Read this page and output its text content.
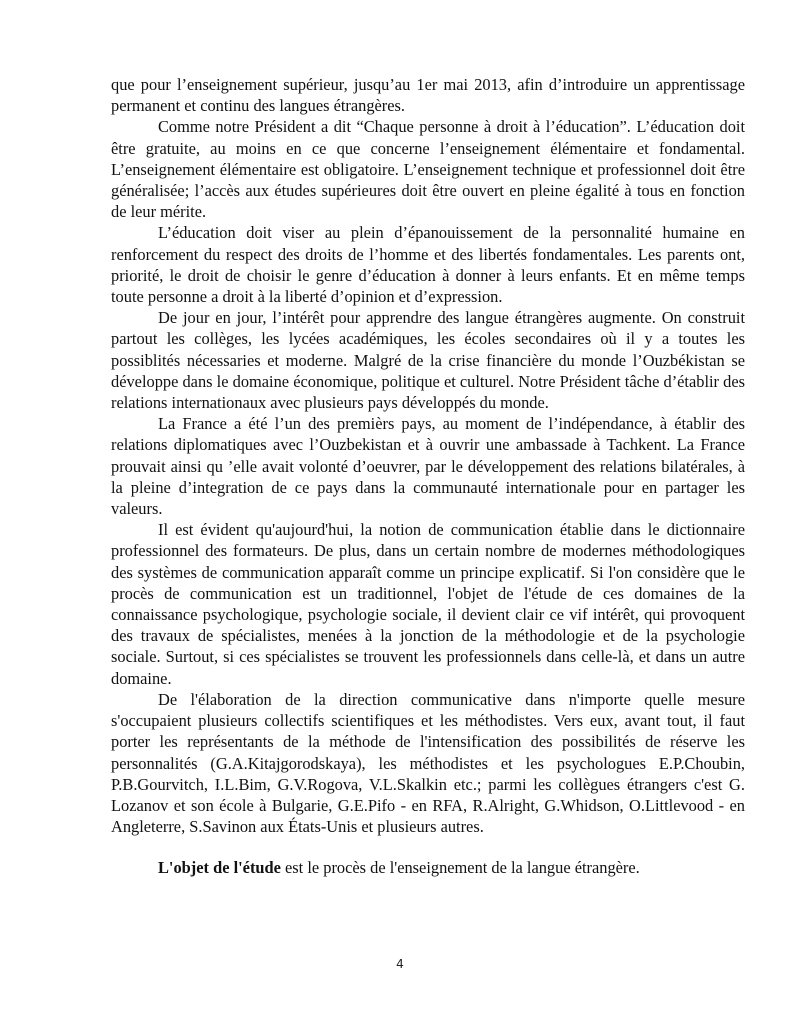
que pour l’enseignement supérieur, jusqu’au 1er mai 2013, afin d’introduire un apprentissage permanent et continu des langues étrangères.

Comme notre Président a dit “Chaque personne à droit à l’éducation”. L’éducation doit être gratuite, au moins en ce que concerne l’enseignement élémentaire et fondamental. L’enseignement élémentaire est obligatoire. L’enseignement technique et professionnel doit être généralisée; l’accès aux études supérieures doit être ouvert en pleine égalité à tous en fonction de leur mérite.

L’éducation doit viser au plein d’épanouissement de la personnalité humaine en renforcement du respect des droits de l’homme et des libertés fondamentales. Les parents ont, priorité, le droit de choisir le genre d’éducation à donner à leurs enfants. Et en même temps toute personne a droit à la liberté d’opinion et d’expression.

De jour en jour, l’intérêt pour apprendre des langue étrangères augmente. On construit partout les collèges, les lycées académiques, les écoles secondaires où il y a toutes les possiblités nécessaries et moderne. Malgré de la crise financière du monde l’Ouzbékistan se développe dans le domaine économique, politique et culturel. Notre Président tâche d’établir des relations internationaux avec plusieurs pays développés du monde.

La France a été l’un des premièrs pays, au moment de l’indépendance, à établir des relations diplomatiques avec l’Ouzbekistan et à ouvrir une ambassade à Tachkent. La France prouvait ainsi qu ’elle avait volonté d’oeuvrer, par le développement des relations bilatérales, à la pleine d’integration de ce pays dans la communauté internationale pour en partager les valeurs.

Il est évident qu'aujourd'hui, la notion de communication établie dans le dictionnaire professionnel des formateurs. De plus, dans un certain nombre de modernes méthodologiques des systèmes de communication apparaît comme un principe explicatif. Si l'on considère que le procès de communication est un traditionnel, l'objet de l'étude de ces domaines de la connaissance psychologique, psychologie sociale, il devient clair ce vif intérêt, qui provoquent des travaux de spécialistes, menées à la jonction de la méthodologie et de la psychologie sociale. Surtout, si ces spécialistes se trouvent les professionnels dans celle-là, et dans un autre domaine.

De l'élaboration de la direction communicative dans n'importe quelle mesure s'occupaient plusieurs collectifs scientifiques et les méthodistes. Vers eux, avant tout, il faut porter les représentants de la méthode de l'intensification des possibilités de réserve les personnalités (G.A.Kitajgorodskaya), les méthodistes et les psychologues E.P.Choubin, P.B.Gourvitch, I.L.Bim, G.V.Rogova, V.L.Skalkin etc.; parmi les collègues étrangers c'est G. Lozanov et son école à Bulgarie, G.E.Pifo - en RFA, R.Alright, G.Whidson, O.Littlevood - en Angleterre, S.Savinon aux États-Unis et plusieurs autres.

L'objet de l'étude est le procès de l'enseignement de la langue étrangère.

4
